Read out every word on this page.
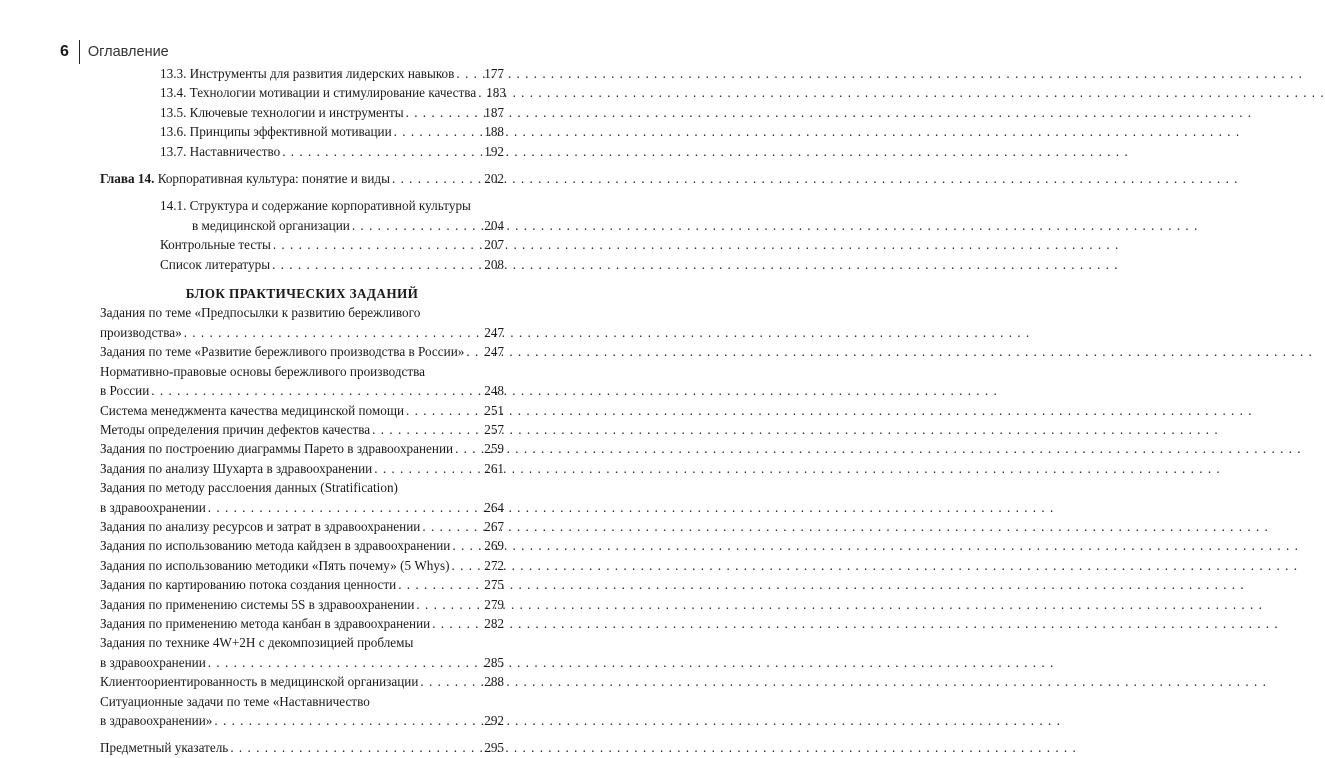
6 Оглавление
13.3. Инструменты для развития лидерских навыков . . . 177
13.4. Технологии мотивации и стимулирование качества . . . 183
13.5. Ключевые технологии и инструменты . . .	187
13.6. Принципы эффективной мотивации . . .	188
13.7. Наставничество . . .	192
Глава 14. Корпоративная культура: понятие и виды . . .	202
14.1. Структура и содержание корпоративной культуры
в медицинской организации . . .	204
Контрольные тесты . . .	207
Список литературы . . .	208
БЛОК ПРАКТИЧЕСКИХ ЗАДАНИЙ
Задания по теме «Предпосылки к развитию бережливого
производства» . . .	247
Задания по теме «Развитие бережливого производства в России» . . . 247
Нормативно-правовые основы бережливого производства
в России . . .	248
Система менеджмента качества медицинской помощи . . .	251
Методы определения причин дефектов качества . . .	257
Задания по построению диаграммы Парето в здравоохранении . . . 259
Задания по анализу Шухарта в здравоохранении . . .	261
Задания по методу расслоения данных (Stratification)
в здравоохранении . . .	264
Задания по анализу ресурсов и затрат в здравоохранении . . .	267
Задания по использованию метода кайдзен в здравоохранении . . .	269
Задания по использованию методики «Пять почему» (5 Whys) . . .	272
Задания по картированию потока создания ценности . . .	275
Задания по применению системы 5S в здравоохранении . . .	279
Задания по применению метода канбан в здравоохранении . . .	282
Задания по технике 4W+2H с декомпозицией проблемы
в здравоохранении . . .	285
Клиентоориентированность в медицинской организации . . .	288
Ситуационные задачи по теме «Наставничество
в здравоохранении» . . .	292
Предметный указатель . . .	295
